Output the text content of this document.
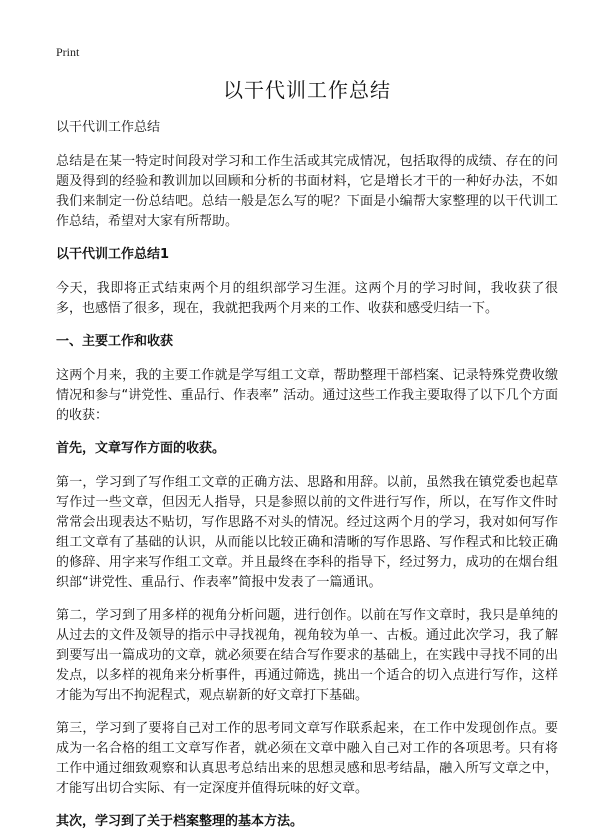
Print
以干代训工作总结
以干代训工作总结

总结是在某一特定时间段对学习和工作生活或其完成情况，包括取得的成绩、存在的问题及得到的经验和教训加以回顾和分析的书面材料，它是增长才干的一种好办法，不如我们来制定一份总结吧。总结一般是怎么写的呢？下面是小编帮大家整理的以干代训工作总结，希望对大家有所帮助。

以干代训工作总结1

今天，我即将正式结束两个月的组织部学习生涯。这两个月的学习时间，我收获了很多，也感悟了很多，现在，我就把我两个月来的工作、收获和感受归结一下。

一、主要工作和收获

这两个月来，我的主要工作就是学写组工文章，帮助整理干部档案、记录特殊党费收缴情况和参与“讲党性、重品行、作表率” 活动。通过这些工作我主要取得了以下几个方面的收获：

首先，文章写作方面的收获。

第一，学习到了写作组工文章的正确方法、思路和用辞。以前，虽然我在镇党委也起草写作过一些文章，但因无人指导，只是参照以前的文件进行写作，所以，在写作文件时常常会出现表达不贴切，写作思路不对头的情况。经过这两个月的学习，我对如何写作组工文章有了基础的认识，从而能以比较正确和清晰的写作思路、写作程式和比较正确的修辞、用字来写作组工文章。并且最终在李科的指导下，经过努力，成功的在烟台组织部“讲党性、重品行、作表率”简报中发表了一篇通讯。

第二，学习到了用多样的视角分析问题，进行创作。以前在写作文章时，我只是单纯的从过去的文件及领导的指示中寻找视角，视角较为单一、古板。通过此次学习，我了解到要写出一篇成功的文章，就必须要在结合写作要求的基础上，在实践中寻找不同的出发点，以多样的视角来分析事件，再通过筛选，挑出一个适合的切入点进行写作，这样才能为写出不拘泥程式，观点崭新的好文章打下基础。

第三，学习到了要将自己对工作的思考同文章写作联系起来，在工作中发现创作点。要成为一名合格的组工文章写作者，就必须在文章中融入自己对工作的各项思考。只有将工作中通过细致观察和认真思考总结出来的思想灵感和思考结晶，融入所写文章之中，才能写出切合实际、有一定深度并值得玩味的好文章。

其次，学习到了关于档案整理的基本方法。
